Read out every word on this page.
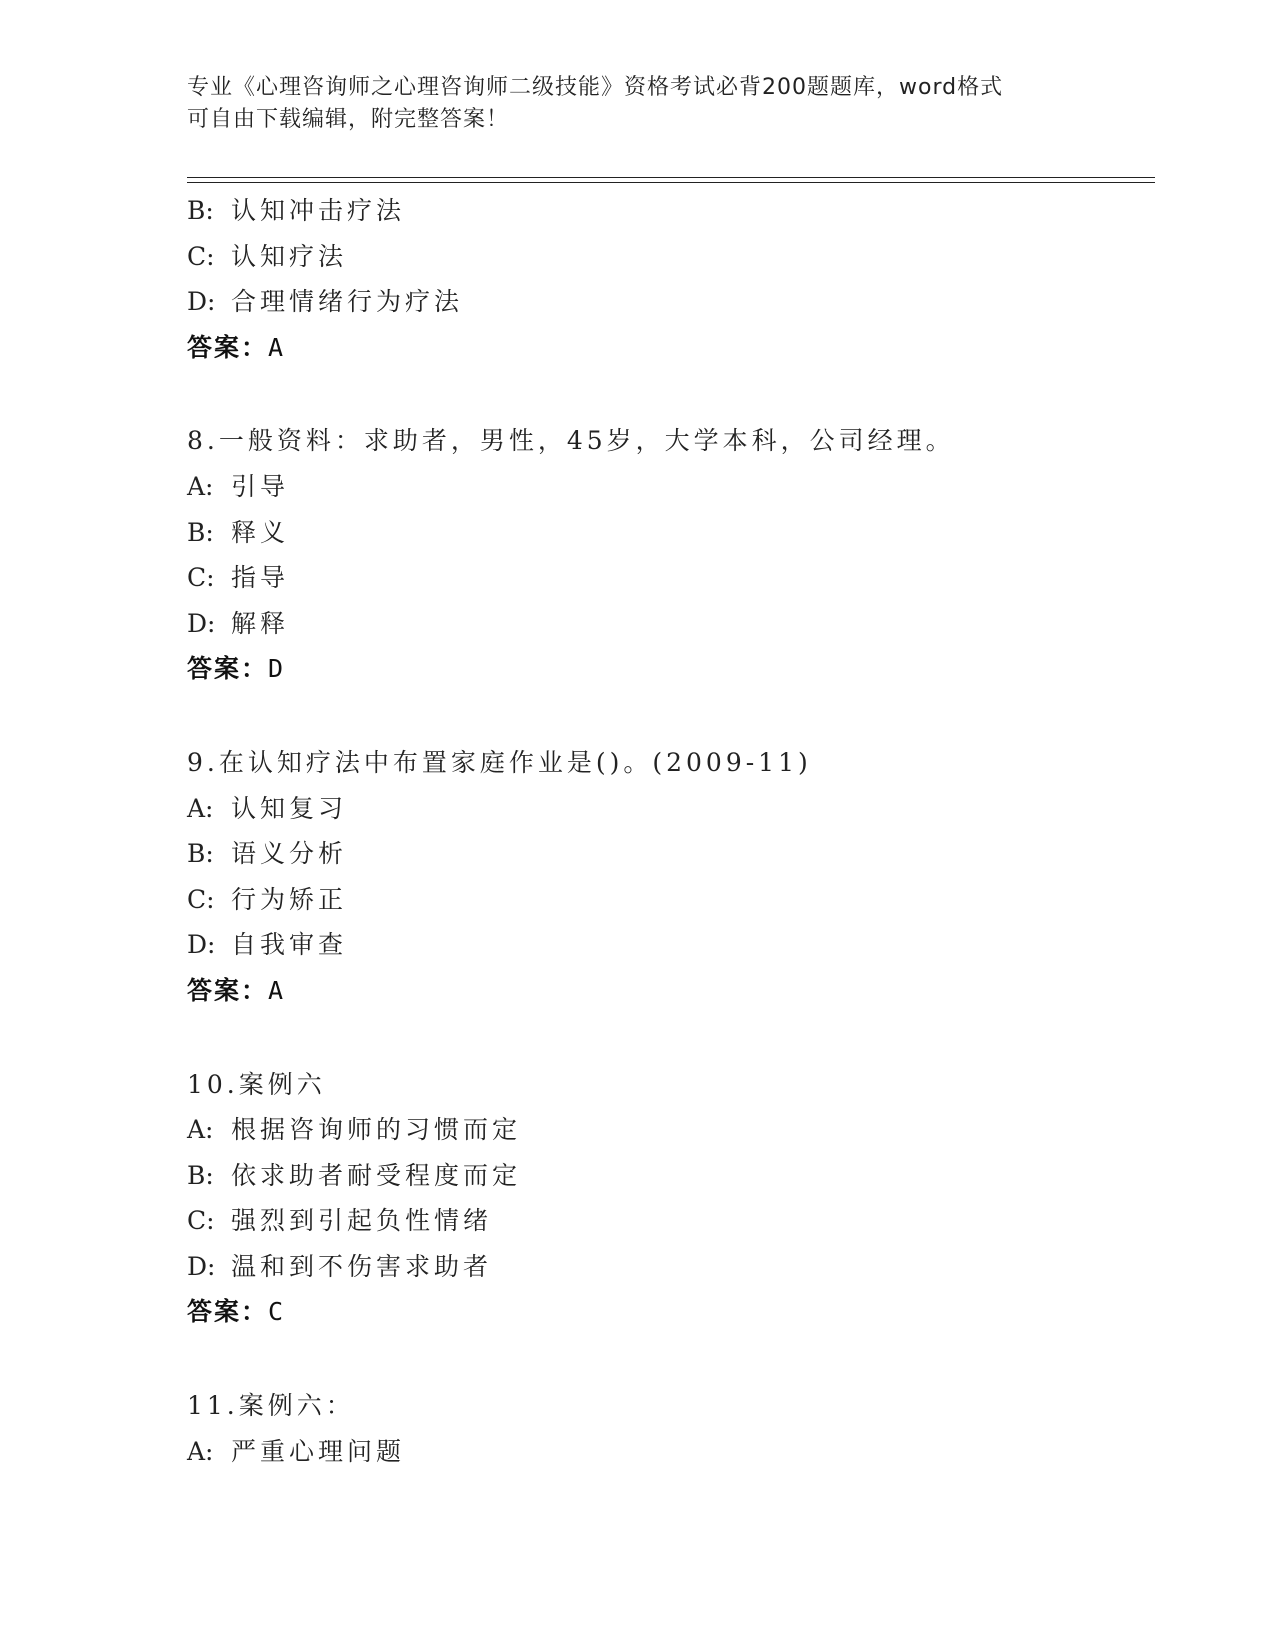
专业《心理咨询师之心理咨询师二级技能》资格考试必背200题题库，word格式
可自由下载编辑，附完整答案！
B: 认知冲击疗法
C: 认知疗法
D: 合理情绪行为疗法
答案：A
8.一般资料：求助者，男性，45岁，大学本科，公司经理。
A: 引导
B: 释义
C: 指导
D: 解释
答案：D
9.在认知疗法中布置家庭作业是()。(2009-11)
A: 认知复习
B: 语义分析
C: 行为矫正
D: 自我审查
答案：A
10.案例六
A: 根据咨询师的习惯而定
B: 依求助者耐受程度而定
C: 强烈到引起负性情绪
D: 温和到不伤害求助者
答案：C
11.案例六：
A: 严重心理问题
